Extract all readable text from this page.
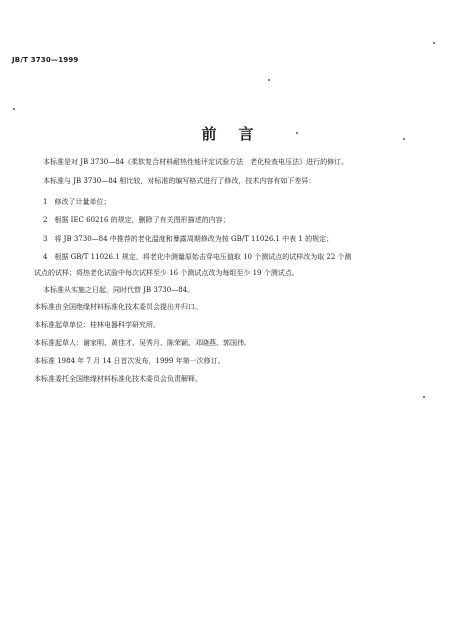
JB/T 3730—1999
前言
本标准是对 JB 3730—84《柔软复合材料耐热性能评定试验方法　老化检查电压法》进行的修订。
本标准与 JB 3730—84 相比较，对标准的编写格式进行了修改，技术内容有如下差异：
1　修改了计量单位；
2　根据 IEC 60216 的规定，删除了有关图形描述的内容；
3　将 JB 3730—84 中推荐的老化温度和暴露周期修改为按 GB/T 11026.1 中表 1 的规定；
4　根据 GB/T 11026.1 规定，将老化中测量原始击穿电压值取 10 个测试点的试样改为取 22 个测
试点的试样；将热老化试验中每次试样至少 16 个测试点改为每组至少 19 个测试点。
本标准从实施之日起，同时代替 JB 3730—84。
本标准由全国绝缘材料标准化技术委员会提出并归口。
本标准起草单位：桂林电器科学研究所。
本标准起草人：谢家明、黄佳才、吴秀月、陈荣颖、邓晓燕、郭国伟。
本标准 1984 年 7 月 14 日首次发布，1999 年第一次修订。
本标准委托全国绝缘材料标准化技术委员会负责解释。
